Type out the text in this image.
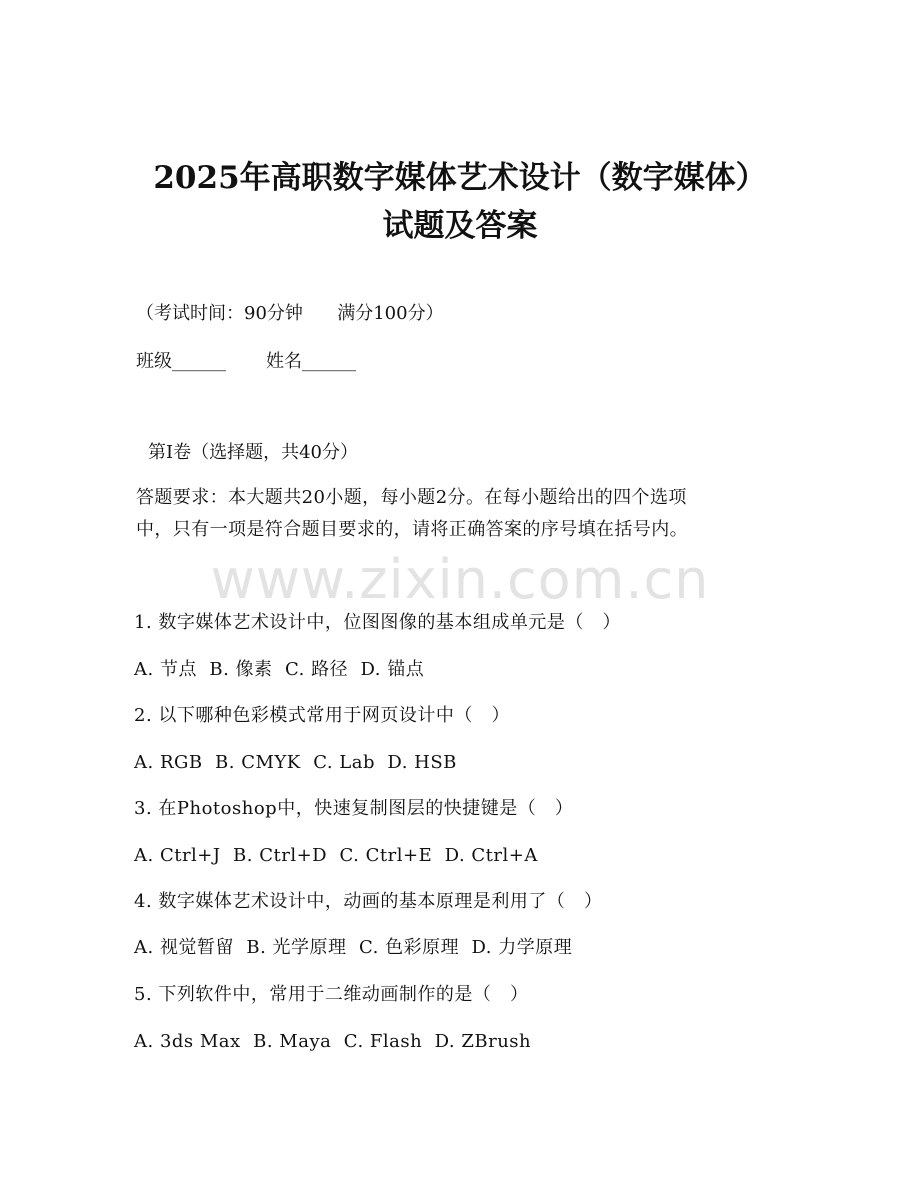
2025年高职数字媒体艺术设计（数字媒体）
试题及答案
（考试时间：90分钟      满分100分）
班级______       姓名______
第I卷（选择题，共40分）
答题要求：本大题共20小题，每小题2分。在每小题给出的四个选项
中，只有一项是符合题目要求的，请将正确答案的序号填在括号内。
www.zixin.com.cn
1. 数字媒体艺术设计中，位图图像的基本组成单元是（   ）
A. 节点  B. 像素  C. 路径  D. 锚点
2. 以下哪种色彩模式常用于网页设计中（   ）
A. RGB  B. CMYK  C. Lab  D. HSB
3. 在Photoshop中，快速复制图层的快捷键是（   ）
A. Ctrl+J  B. Ctrl+D  C. Ctrl+E  D. Ctrl+A
4. 数字媒体艺术设计中，动画的基本原理是利用了（   ）
A. 视觉暂留  B. 光学原理  C. 色彩原理  D. 力学原理
5. 下列软件中，常用于二维动画制作的是（   ）
A. 3ds Max  B. Maya  C. Flash  D. ZBrush
